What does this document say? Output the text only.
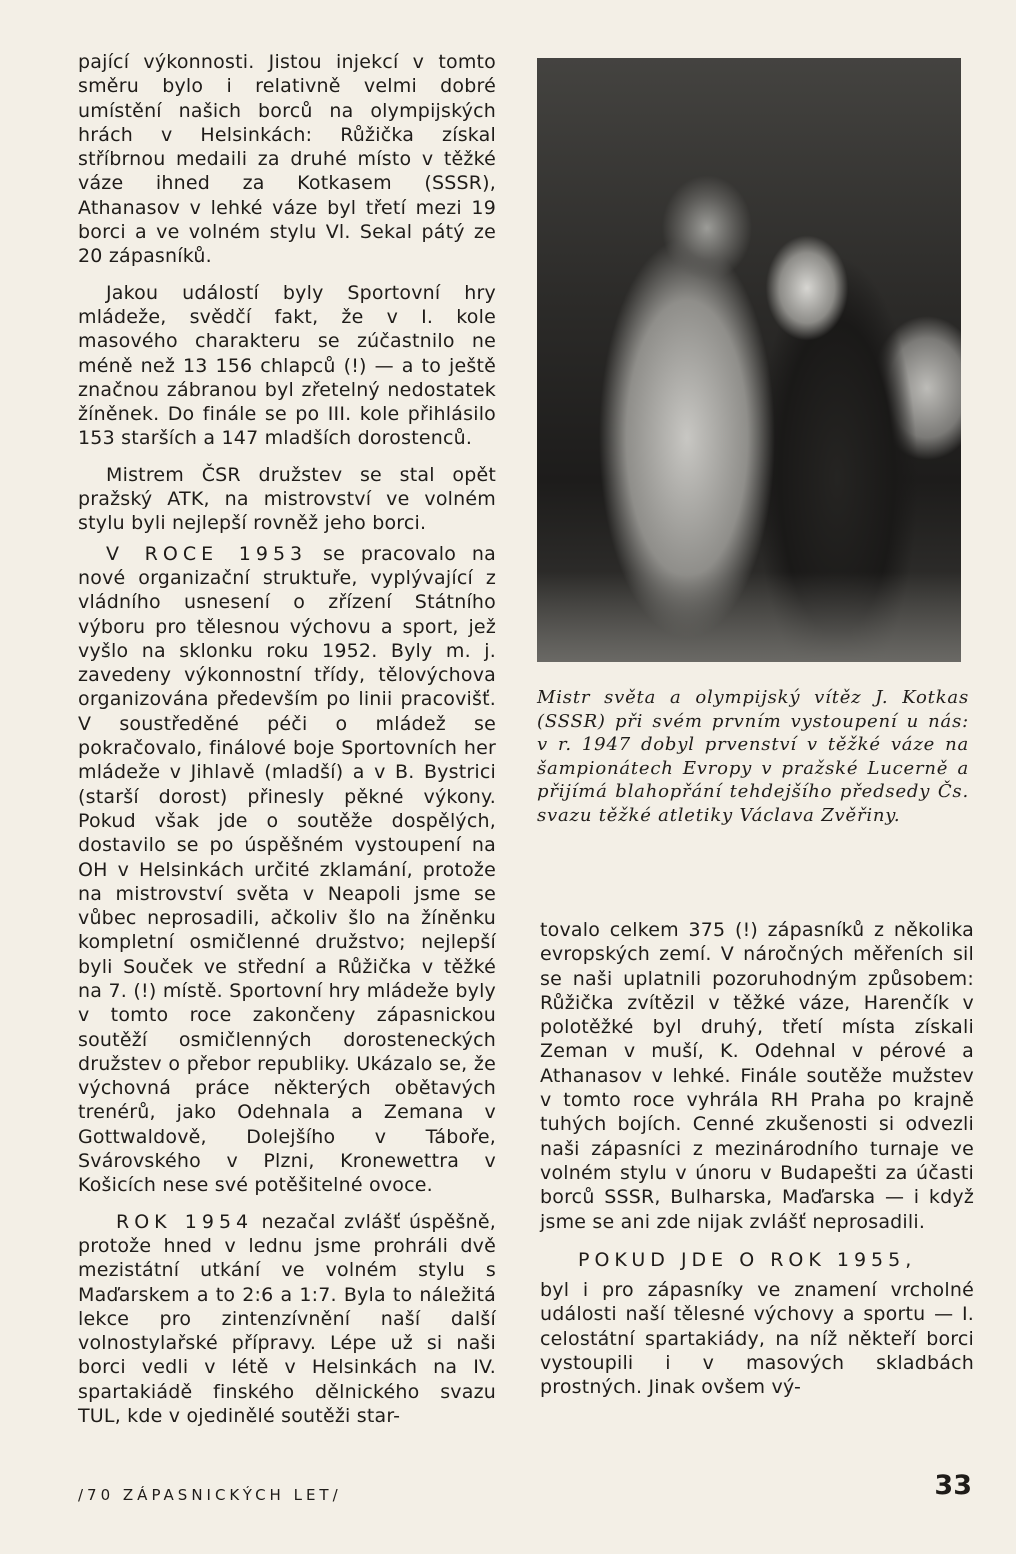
pající výkonnosti. Jistou injekcí v tomto směru bylo i relativně velmi dobré umístění našich borců na olympijských hrách v Helsinkách: Růžička získal stříbrnou medaili za druhé místo v těžké váze ihned za Kotkasem (SSSR), Athanasov v lehké váze byl třetí mezi 19 borci a ve volném stylu Vl. Sekal pátý ze 20 zápasníků.

Jakou událostí byly Sportovní hry mládeže, svědčí fakt, že v I. kole masového charakteru se zúčastnilo ne méně než 13 156 chlapců (!) — a to ještě značnou zábranou byl zřetelný nedostatek žíněnek. Do finále se po III. kole přihlásilo 153 starších a 147 mladších dorostenců.

Mistrem ČSR družstev se stal opět pražský ATK, na mistrovství ve volném stylu byli nejlepší rovněž jeho borci.

V ROCE 1953 se pracovalo na nové organizační struktuře, vyplývající z vládního usnesení o zřízení Státního výboru pro tělesnou výchovu a sport, jež vyšlo na sklonku roku 1952. Byly m. j. zavedeny výkonnostní třídy, tělovýchova organizována především po linii pracovišť. V soustředěné péči o mládež se pokračovalo, finálové boje Sportovních her mládeže v Jihlavě (mladší) a v B. Bystrici (starší dorost) přinesly pěkné výkony. Pokud však jde o soutěže dospělých, dostavilo se po úspěšném vystoupení na OH v Helsinkách určité zklamání, protože na mistrovství světa v Neapoli jsme se vůbec neprosadili, ačkoliv šlo na žíněnku kompletní osmičlenné družstvo; nejlepší byli Souček ve střední a Růžička v těžké na 7. (!) místě. Sportovní hry mládeže byly v tomto roce zakončeny zápasnickou soutěží osmičlenných dorosteneckých družstev o přebor republiky. Ukázalo se, že výchovná práce některých obětavých trenérů, jako Odehnala a Zemana v Gottwaldově, Dolejšího v Táboře, Svárovského v Plzni, Kronewettra v Košicích nese své potěšitelné ovoce.

ROK 1954 nezačal zvlášť úspěšně, protože hned v lednu jsme prohráli dvě mezistátní utkání ve volném stylu s Maďarskem a to 2:6 a 1:7. Byla to náležitá lekce pro zintenzívnění naší další volnostylařské přípravy. Lépe už si naši borci vedli v létě v Helsinkách na IV. spartakiádě finského dělnického svazu TUL, kde v ojedinělé soutěži star-

Mistr světa a olympijský vítěz J. Kotkas (SSSR) při svém prvním vystoupení u nás: v r. 1947 dobyl prvenství v těžké váze na šampionátech Evropy v pražské Lucerně a přijímá blahopřání tehdejšího předsedy Čs. svazu těžké atletiky Václava Zvěřiny.

tovalo celkem 375 (!) zápasníků z několika evropských zemí. V náročných měřeních sil se naši uplatnili pozoruhodným způsobem: Růžička zvítězil v těžké váze, Harenčík v polotěžké byl druhý, třetí místa získali Zeman v muší, K. Odehnal v pérové a Athanasov v lehké. Finále soutěže mužstev v tomto roce vyhrála RH Praha po krajně tuhých bojích. Cenné zkušenosti si odvezli naši zápasníci z mezinárodního turnaje ve volném stylu v únoru v Budapešti za účasti borců SSSR, Bulharska, Maďarska — i když jsme se ani zde nijak zvlášť neprosadili.

POKUD JDE O ROK 1955,

byl i pro zápasníky ve znamení vrcholné události naší tělesné výchovy a sportu — I. celostátní spartakiády, na níž někteří borci vystoupili i v masových skladbách prostných. Jinak ovšem vý-

/70 ZÁPASNICKÝCH LET/	33
